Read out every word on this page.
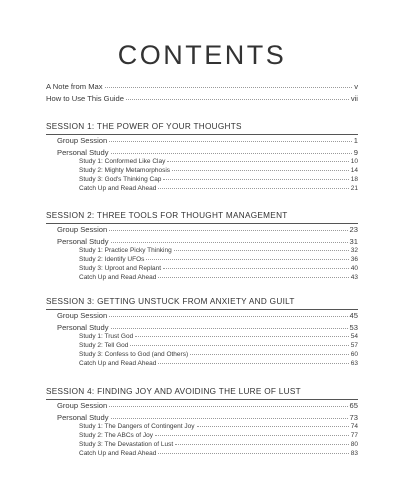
CONTENTS
A Note from Max	v
How to Use This Guide	vii
SESSION 1: THE POWER OF YOUR THOUGHTS
Group Session	1
Personal Study	9
Study 1: Conformed Like Clay	10
Study 2: Mighty Metamorphosis	14
Study 3: God's Thinking Cap	18
Catch Up and Read Ahead	21
SESSION 2: THREE TOOLS FOR THOUGHT MANAGEMENT
Group Session	23
Personal Study	31
Study 1: Practice Picky Thinking	32
Study 2: Identify UFOs	36
Study 3: Uproot and Replant	40
Catch Up and Read Ahead	43
SESSION 3: GETTING UNSTUCK FROM ANXIETY AND GUILT
Group Session	45
Personal Study	53
Study 1: Trust God	54
Study 2: Tell God	57
Study 3: Confess to God (and Others)	60
Catch Up and Read Ahead	63
SESSION 4: FINDING JOY AND AVOIDING THE LURE OF LUST
Group Session	65
Personal Study	73
Study 1: The Dangers of Contingent Joy	74
Study 2: The ABCs of Joy	77
Study 3: The Devastation of Lust	80
Catch Up and Read Ahead	83
